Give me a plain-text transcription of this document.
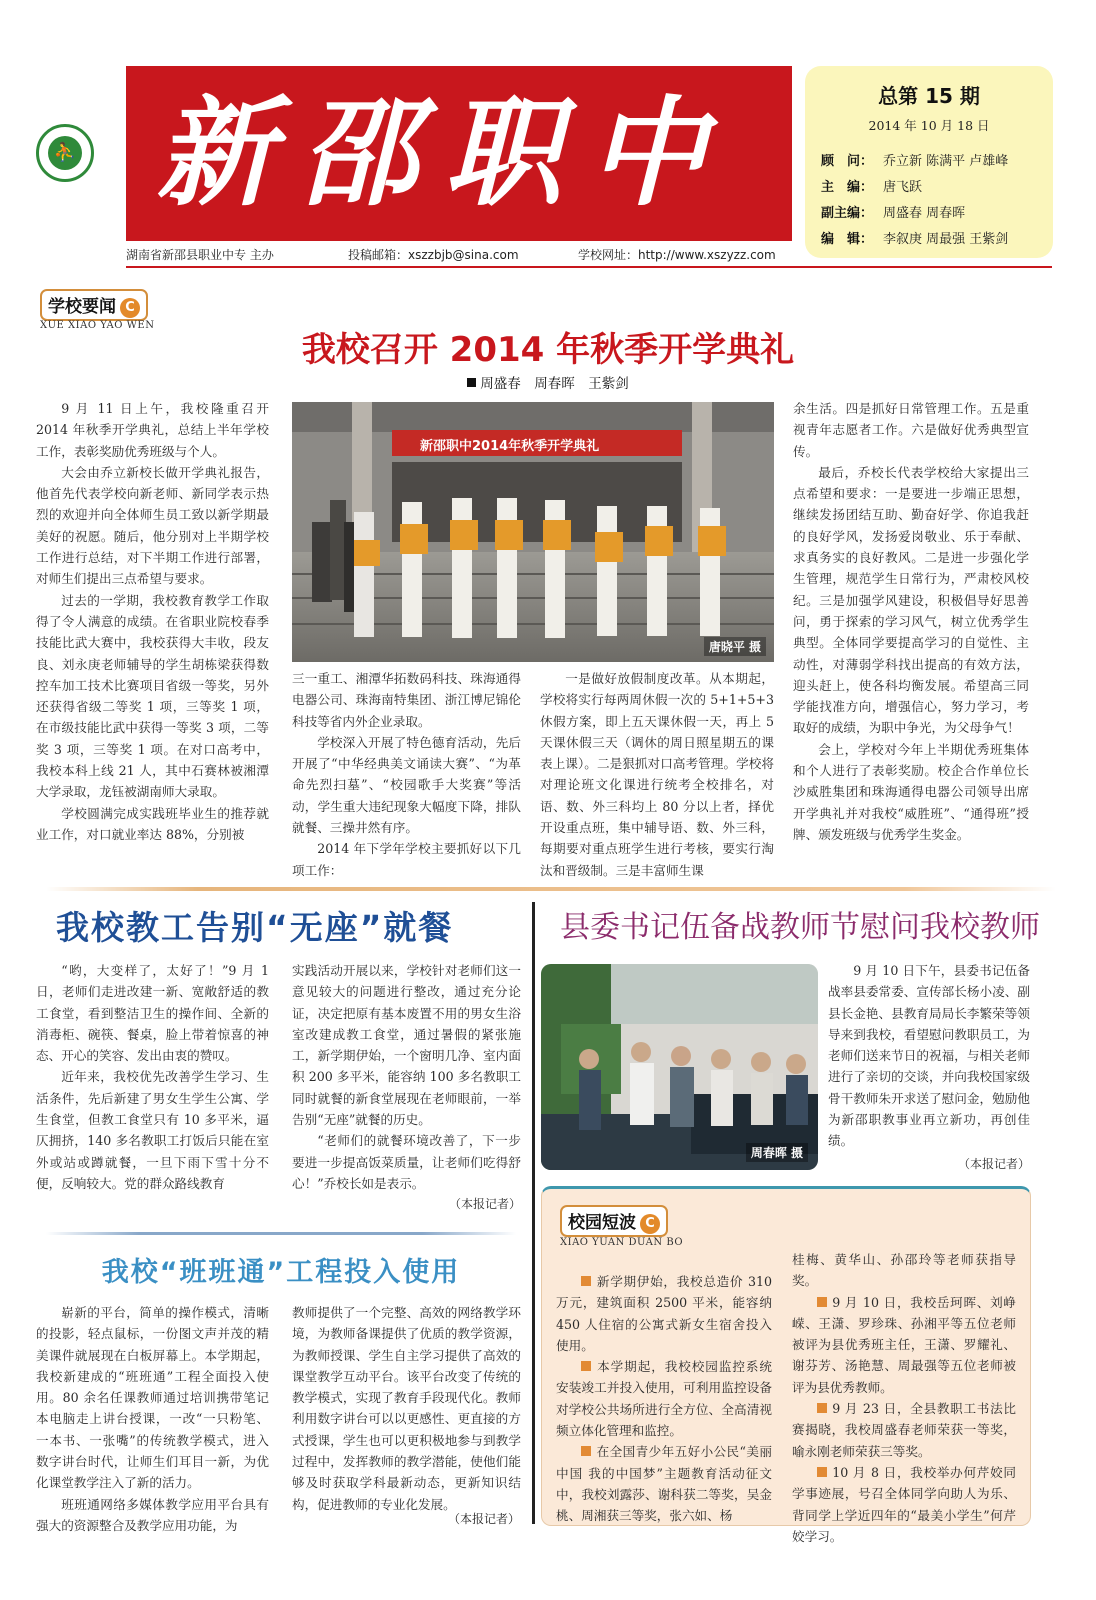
⛹ 新邵职中	总第 15 期
2014 年 10 月 18 日
顾　问： 乔立新 陈满平 卢雄峰
主　编： 唐飞跃
副主编： 周盛春 周春晖
编　辑： 李叙庚 周最强 王紫剑
湖南省新邵县职业中专 主办	投稿邮箱：xszzbjb@sina.com	学校网址：http://www.xszyzz.com
学校要闻 C
XUE XIAO YAO WEN
我校召开 2014 年秋季开学典礼
周盛春　周春晖　王紫剑

9 月 11 日上午，我校隆重召开 2014 年秋季开学典礼，总结上半年学校工作，表彰奖励优秀班级与个人。

大会由乔立新校长做开学典礼报告，他首先代表学校向新老师、新同学表示热烈的欢迎并向全体师生员工致以新学期最美好的祝愿。随后，他分别对上半期学校工作进行总结，对下半期工作进行部署，对师生们提出三点希望与要求。

过去的一学期，我校教育教学工作取得了令人满意的成绩。在省职业院校春季技能比武大赛中，我校获得大丰收，段友良、刘永庚老师辅导的学生胡栋梁获得数控车加工技术比赛项目省级一等奖，另外还获得省级二等奖 1 项，三等奖 1 项，在市级技能比武中获得一等奖 3 项，二等奖 3 项，三等奖 1 项。在对口高考中，我校本科上线 21 人，其中石赛林被湘潭大学录取，龙钰被湖南师大录取。

学校圆满完成实践班毕业生的推荐就业工作，对口就业率达 88%，分别被

新邵职中2014年秋季开学典礼
唐晓平 摄

三一重工、湘潭华拓数码科技、珠海通得电器公司、珠海南特集团、浙江博尼锦伦科技等省内外企业录取。

学校深入开展了特色德育活动，先后开展了“中华经典美文诵读大赛”、“为革命先烈扫墓”、“校园歌手大奖赛”等活动，学生重大违纪现象大幅度下降，排队就餐、三操井然有序。

2014 年下学年学校主要抓好以下几项工作：

一是做好放假制度改革。从本期起，学校将实行每两周休假一次的 5+1+5+3 休假方案，即上五天课休假一天，再上 5 天课休假三天（调休的周日照星期五的课表上课）。二是狠抓对口高考管理。学校将对理论班文化课进行统考全校排名，对语、数、外三科均上 80 分以上者，择优开设重点班，集中辅导语、数、外三科，每期要对重点班学生进行考核，要实行淘汰和晋级制。三是丰富师生课

余生活。四是抓好日常管理工作。五是重视青年志愿者工作。六是做好优秀典型宣传。

最后，乔校长代表学校给大家提出三点希望和要求：一是要进一步端正思想，继续发扬团结互助、勤奋好学、你追我赶的良好学风，发扬爱岗敬业、乐于奉献、求真务实的良好教风。二是进一步强化学生管理，规范学生日常行为，严肃校风校纪。三是加强学风建设，积极倡导好思善问，勇于探索的学习风气，树立优秀学生典型。全体同学要提高学习的自觉性、主动性，对薄弱学科找出提高的有效方法，迎头赶上，使各科均衡发展。希望高三同学能找准方向，增强信心，努力学习，考取好的成绩，为职中争光，为父母争气！

会上，学校对今年上半期优秀班集体和个人进行了表彰奖励。校企合作单位长沙威胜集团和珠海通得电器公司领导出席开学典礼并对我校“威胜班”、“通得班”授牌、颁发班级与优秀学生奖金。

我校教工告别“无座”就餐

“哟，大变样了，太好了！”9 月 1 日，老师们走进改建一新、宽敞舒适的教工食堂，看到整洁卫生的操作间、全新的消毒柜、碗筷、餐桌，脸上带着惊喜的神态、开心的笑容、发出由衷的赞叹。

近年来，我校优先改善学生学习、生活条件，先后新建了男女生学生公寓、学生食堂，但教工食堂只有 10 多平米，逼仄拥挤，140 多名教职工打饭后只能在室外或站或蹲就餐，一旦下雨下雪十分不便，反响较大。党的群众路线教育

实践活动开展以来，学校针对老师们这一意见较大的问题进行整改，通过充分论证，决定把原有基本废置不用的男女生浴室改建成教工食堂，通过暑假的紧张施工，新学期伊始，一个窗明几净、室内面积 200 多平米，能容纳 100 多名教职工同时就餐的新食堂展现在老师眼前，一举告别“无座”就餐的历史。

“老师们的就餐环境改善了，下一步要进一步提高饭菜质量，让老师们吃得舒心！”乔校长如是表示。

（本报记者）
县委书记伍备战教师节慰问我校教师
周春晖 摄

9 月 10 日下午，县委书记伍备战率县委常委、宣传部长杨小凌、副县长金艳、县教育局局长李繁荣等领导来到我校，看望慰问教职员工，为老师们送来节日的祝福，与相关老师进行了亲切的交谈，并向我校国家级骨干教师朱开求送了慰问金，勉励他为新邵职教事业再立新功，再创佳绩。

（本报记者）
我校“班班通”工程投入使用

崭新的平台，简单的操作模式，清晰的投影，轻点鼠标，一份图文声并茂的精美课件就展现在白板屏幕上。本学期起，我校新建成的“班班通”工程全面投入使用。80 余名任课教师通过培训携带笔记本电脑走上讲台授课，一改“一只粉笔、一本书、一张嘴”的传统教学模式，进入数字讲台时代，让师生们耳目一新，为优化课堂教学注入了新的活力。

班班通网络多媒体教学应用平台具有强大的资源整合及教学应用功能，为

教师提供了一个完整、高效的网络教学环境，为教师备课提供了优质的教学资源，为教师授课、学生自主学习提供了高效的课堂教学互动平台。该平台改变了传统的教学模式，实现了教育手段现代化。教师利用数字讲台可以以更感性、更直接的方式授课，学生也可以更积极地参与到教学过程中，发挥教师的教学潜能，使他们能够及时获取学科最新动态，更新知识结构，促进教师的专业化发展。

（本报记者）
校园短波 C
XIAO YUAN DUAN BO

新学期伊始，我校总造价 310 万元，建筑面积 2500 平米，能容纳 450 人住宿的公寓式新女生宿舍投入使用。

本学期起，我校校园监控系统安装竣工并投入使用，可利用监控设备对学校公共场所进行全方位、全高清视频立体化管理和监控。

在全国青少年五好小公民“美丽中国 我的中国梦”主题教育活动征文中，我校刘露莎、谢科获二等奖，吴金桃、周湘获三等奖，张六如、杨

桂梅、黄华山、孙邵玲等老师获指导奖。

9 月 10 日，我校岳珂晖、刘峥嵘、王潇、罗珍珠、孙湘平等五位老师被评为县优秀班主任，王潇、罗耀礼、谢芬芳、汤艳慧、周最强等五位老师被评为县优秀教师。

9 月 23 日，全县教职工书法比赛揭晓，我校周盛春老师荣获一等奖，喻永刚老师荣获三等奖。

10 月 8 日，我校举办何芹姣同学事迹展，号召全体同学向助人为乐、背同学上学近四年的“最美小学生”何芹姣学习。
